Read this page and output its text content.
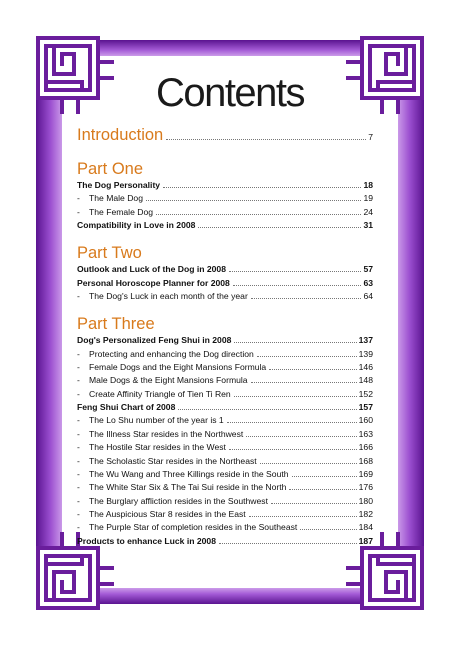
Contents
Introduction	7
Part One
The Dog Personality	18
-	The Male Dog	19
-	The Female Dog	24
Compatibility in Love in 2008	31
Part Two
Outlook and Luck of the Dog in 2008	57
Personal Horoscope Planner for 2008	63
-	The Dog's Luck in each month of the year	64
Part Three
Dog's Personalized Feng Shui in 2008	137
-	Protecting and enhancing the Dog direction	139
-	Female Dogs and the Eight Mansions Formula	146
-	Male Dogs & the Eight Mansions Formula	148
-	Create Affinity Triangle of Tien Ti Ren	152
Feng Shui Chart of 2008	157
-	The Lo Shu number of the year is 1	160
-	The Illness Star resides in the Northwest	163
-	The Hostile Star resides in the West	166
-	The Scholastic Star resides in the Northeast	168
-	The Wu Wang and Three Killings reside in the South	169
-	The White Star Six & The Tai Sui reside in the North	176
-	The Burglary affliction resides in the Southwest	180
-	The Auspicious Star 8 resides in the East	182
-	The Purple Star of completion resides in the Southeast	184
Products to enhance Luck in 2008	187
